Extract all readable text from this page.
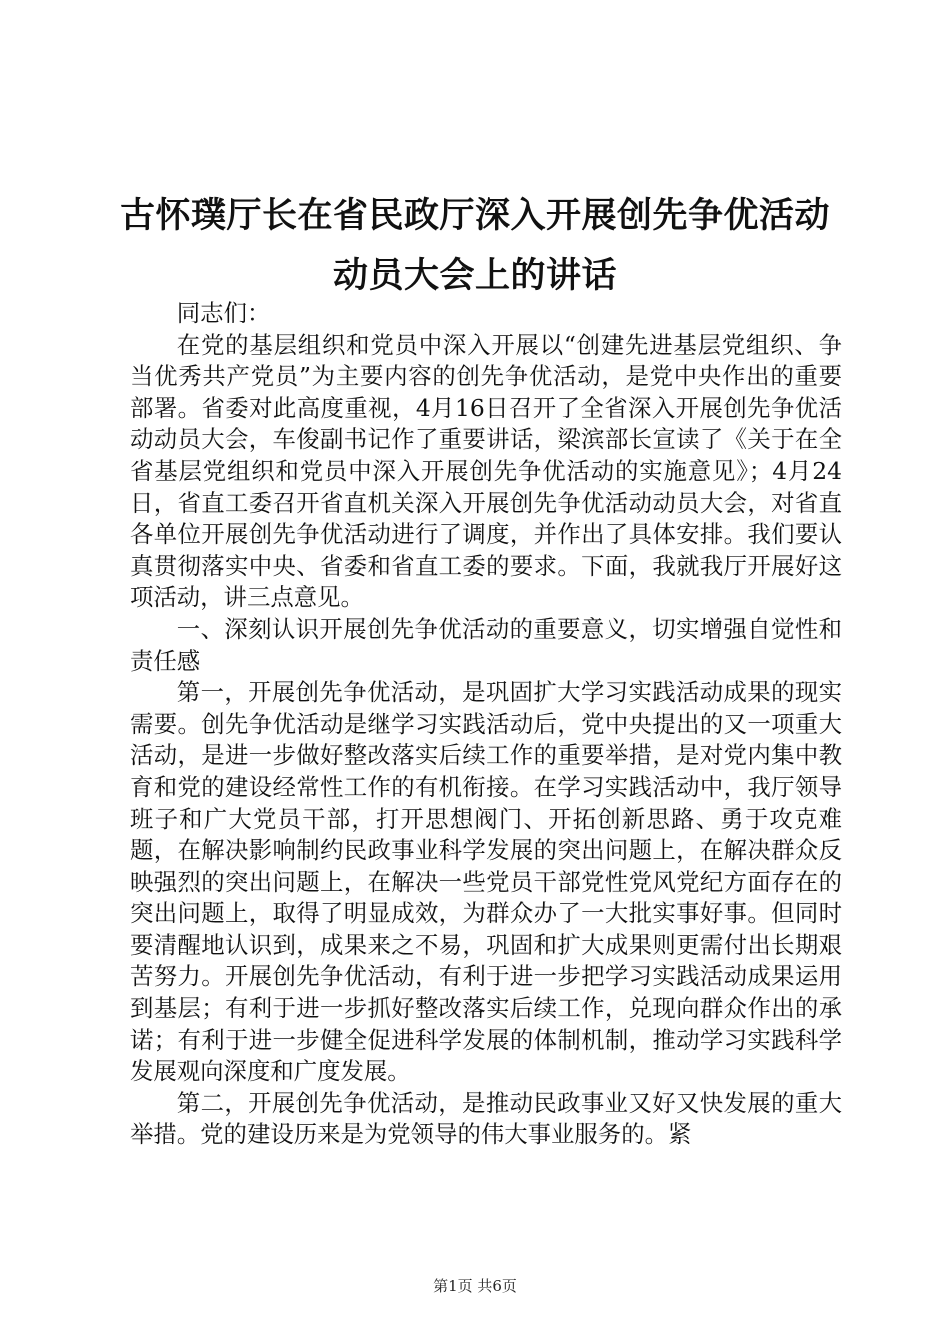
古怀璞厅长在省民政厅深入开展创先争优活动
动员大会上的讲话

同志们：

在党的基层组织和党员中深入开展以“创建先进基层党组织、争当优秀共产党员”为主要内容的创先争优活动，是党中央作出的重要部署。省委对此高度重视，4月16日召开了全省深入开展创先争优活动动员大会，车俊副书记作了重要讲话，梁滨部长宣读了《关于在全省基层党组织和党员中深入开展创先争优活动的实施意见》；4月24日，省直工委召开省直机关深入开展创先争优活动动员大会，对省直各单位开展创先争优活动进行了调度，并作出了具体安排。我们要认真贯彻落实中央、省委和省直工委的要求。下面，我就我厅开展好这项活动，讲三点意见。

一、深刻认识开展创先争优活动的重要意义，切实增强自觉性和责任感

第一，开展创先争优活动，是巩固扩大学习实践活动成果的现实需要。创先争优活动是继学习实践活动后，党中央提出的又一项重大活动，是进一步做好整改落实后续工作的重要举措，是对党内集中教育和党的建设经常性工作的有机衔接。在学习实践活动中，我厅领导班子和广大党员干部，打开思想阀门、开拓创新思路、勇于攻克难题，在解决影响制约民政事业科学发展的突出问题上，在解决群众反映强烈的突出问题上，在解决一些党员干部党性党风党纪方面存在的突出问题上，取得了明显成效，为群众办了一大批实事好事。但同时要清醒地认识到，成果来之不易，巩固和扩大成果则更需付出长期艰苦努力。开展创先争优活动，有利于进一步把学习实践活动成果运用到基层；有利于进一步抓好整改落实后续工作，兑现向群众作出的承诺；有利于进一步健全促进科学发展的体制机制，推动学习实践科学发展观向深度和广度发展。

第二，开展创先争优活动，是推动民政事业又好又快发展的重大举措。党的建设历来是为党领导的伟大事业服务的。紧

第1页 共6页
